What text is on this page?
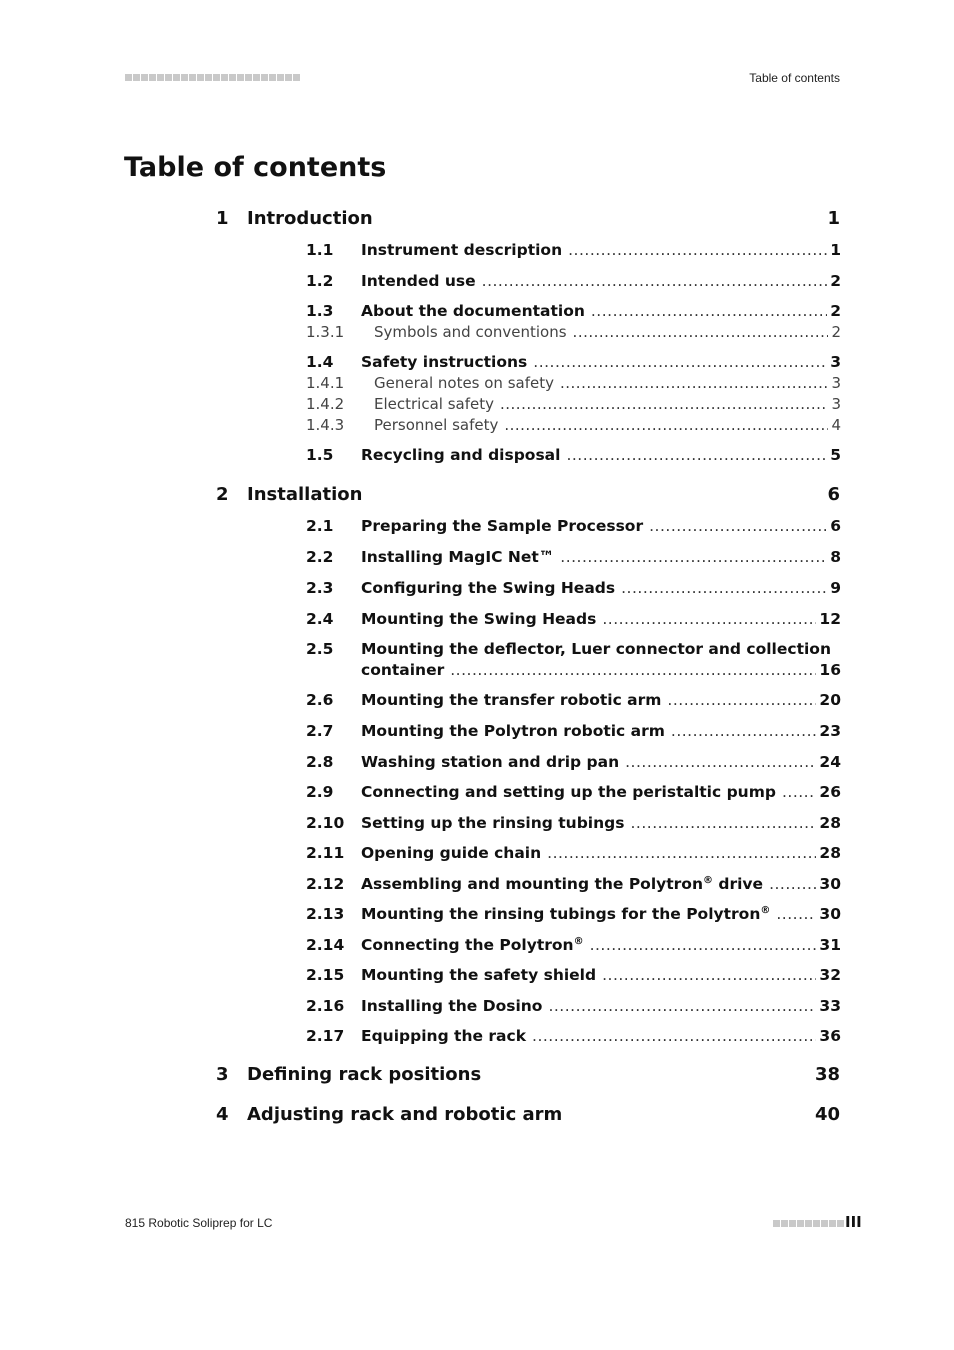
Table of contents
Table of contents
1 Introduction	1
1.1 Instrument description .....	1
1.2 Intended use .....	2
1.3 About the documentation .....	2
1.3.1 Symbols and conventions .....	2
1.4 Safety instructions .....	3
1.4.1 General notes on safety .....	3
1.4.2 Electrical safety .....	3
1.4.3 Personnel safety .....	4
1.5 Recycling and disposal .....	5
2 Installation	6
2.1 Preparing the Sample Processor .....	6
2.2 Installing MagIC Net™ .....	8
2.3 Configuring the Swing Heads .....	9
2.4 Mounting the Swing Heads .....	12
2.5 Mounting the deflector, Luer connector and collection
container .....	16
2.6 Mounting the transfer robotic arm .....	20
2.7 Mounting the Polytron robotic arm .....	23
2.8 Washing station and drip pan .....	24
2.9 Connecting and setting up the peristaltic pump .....	26
2.10 Setting up the rinsing tubings .....	28
2.11 Opening guide chain .....	28
2.12 Assembling and mounting the Polytron® drive .....	30
2.13 Mounting the rinsing tubings for the Polytron® .....	30
2.14 Connecting the Polytron® .....	31
2.15 Mounting the safety shield .....	32
2.16 Installing the Dosino .....	33
2.17 Equipping the rack .....	36
3 Defining rack positions	38
4 Adjusting rack and robotic arm	40
815 Robotic Soliprep for LC	III
